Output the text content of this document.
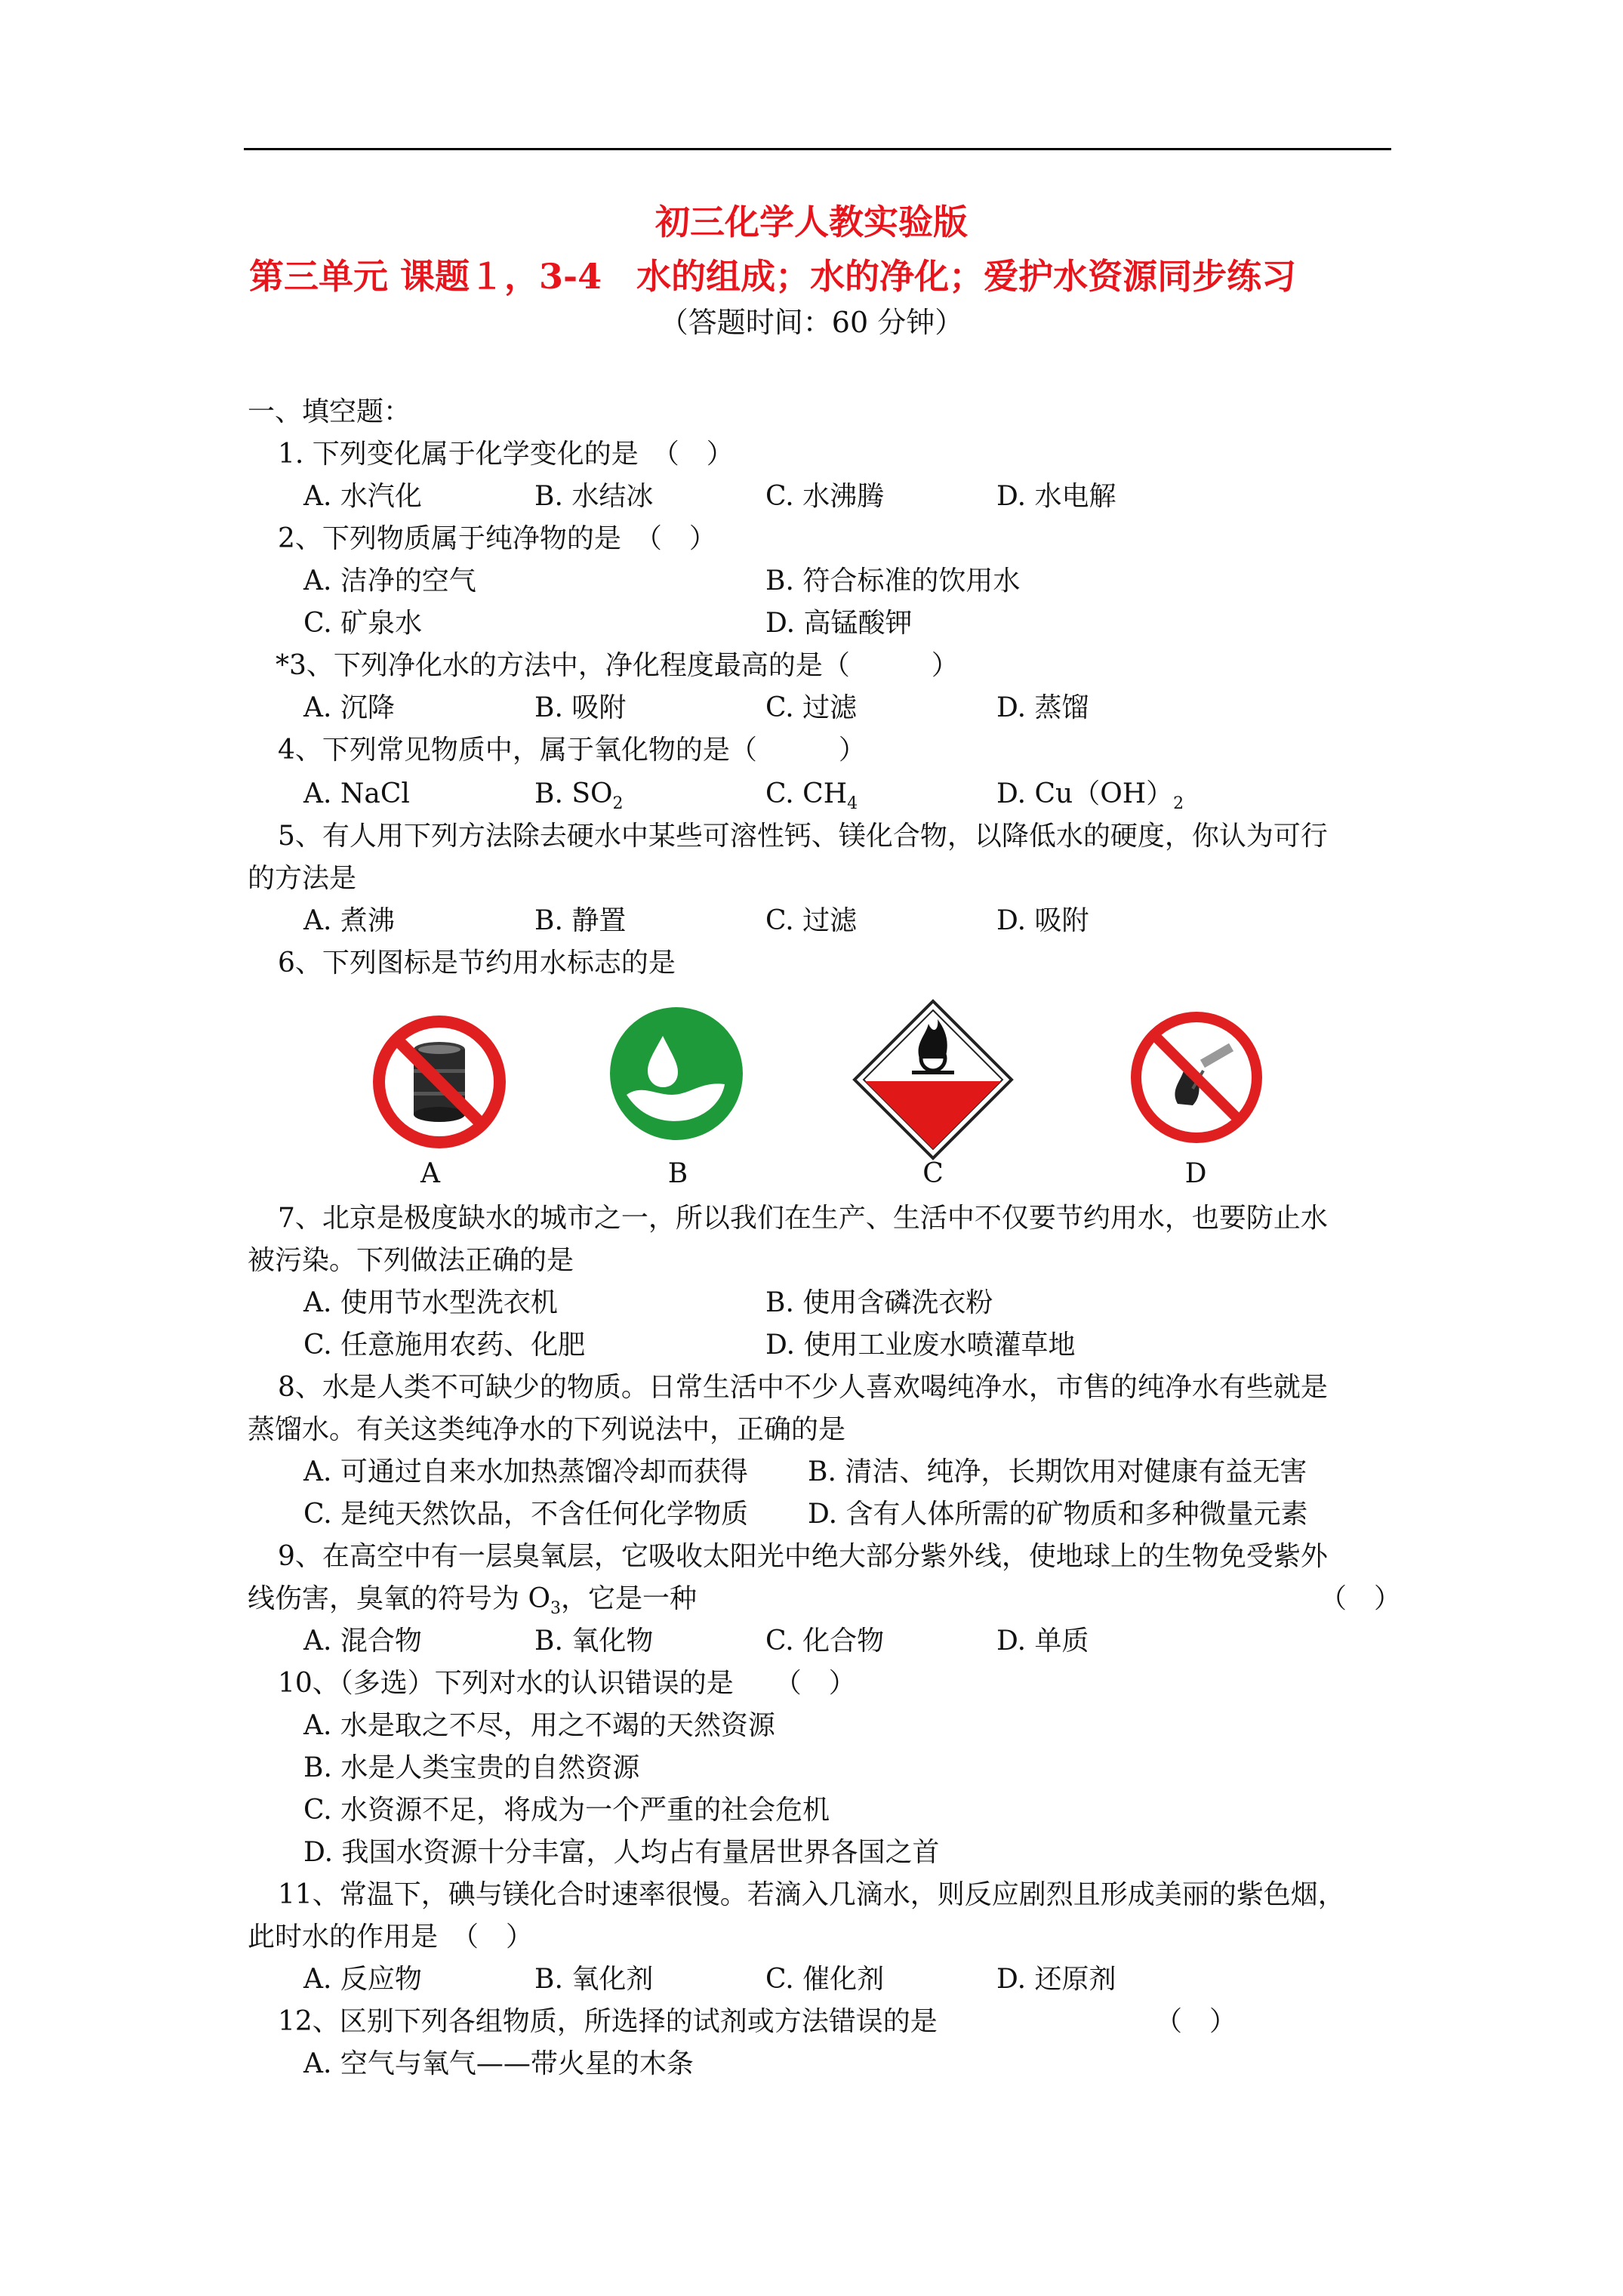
初三化学人教实验版
第三单元 课题１，3-4　水的组成；水的净化；爱护水资源同步练习
（答题时间：60 分钟）
一、填空题：
1. 下列变化属于化学变化的是　（　）
A. 水汽化	B. 水结冰	C. 水沸腾	D. 水电解
2、下列物质属于纯净物的是　（　）
A. 洁净的空气	B. 符合标准的饮用水
C. 矿泉水	D. 高锰酸钾
*3、下列净化水的方法中，净化程度最高的是（　　　）
A. 沉降	B. 吸附	C. 过滤	D. 蒸馏
4、下列常见物质中，属于氧化物的是（　　　）
A. NaCl	B. $SO_2$	C. $CH_4$	D. $Cu(OH)_2$
5、有人用下列方法除去硬水中某些可溶性钙、镁化合物，以降低水的硬度，你认为可行
的方法是
A. 煮沸	B. 静置	C. 过滤	D. 吸附
6、下列图标是节约用水标志的是
A	B	C	D
7、北京是极度缺水的城市之一，所以我们在生产、生活中不仅要节约用水，也要防止水
被污染。下列做法正确的是
A. 使用节水型洗衣机	B. 使用含磷洗衣粉
C. 任意施用农药、化肥	D. 使用工业废水喷灌草地
8、水是人类不可缺少的物质。日常生活中不少人喜欢喝纯净水，市售的纯净水有些就是
蒸馏水。有关这类纯净水的下列说法中，正确的是
A. 可通过自来水加热蒸馏冷却而获得 B. 清洁、纯净，长期饮用对健康有益无害
C. 是纯天然饮品，不含任何化学物质 D. 含有人体所需的矿物质和多种微量元素
9、在高空中有一层臭氧层，它吸收太阳光中绝大部分紫外线，使地球上的生物免受紫外
线伤害，臭氧的符号为 $O_3$，它是一种	（　）
A. 混合物	B. 氧化物	C. 化合物	D. 单质
10、（多选）下列对水的认识错误的是　　（　）
A. 水是取之不尽，用之不竭的天然资源
B. 水是人类宝贵的自然资源
C. 水资源不足，将成为一个严重的社会危机
D. 我国水资源十分丰富，人均占有量居世界各国之首
11、常温下，碘与镁化合时速率很慢。若滴入几滴水，则反应剧烈且形成美丽的紫色烟，
此时水的作用是　（　）
A. 反应物	B. 氧化剂	C. 催化剂	D. 还原剂
12、区别下列各组物质，所选择的试剂或方法错误的是	（　）
A. 空气与氧气——带火星的木条
